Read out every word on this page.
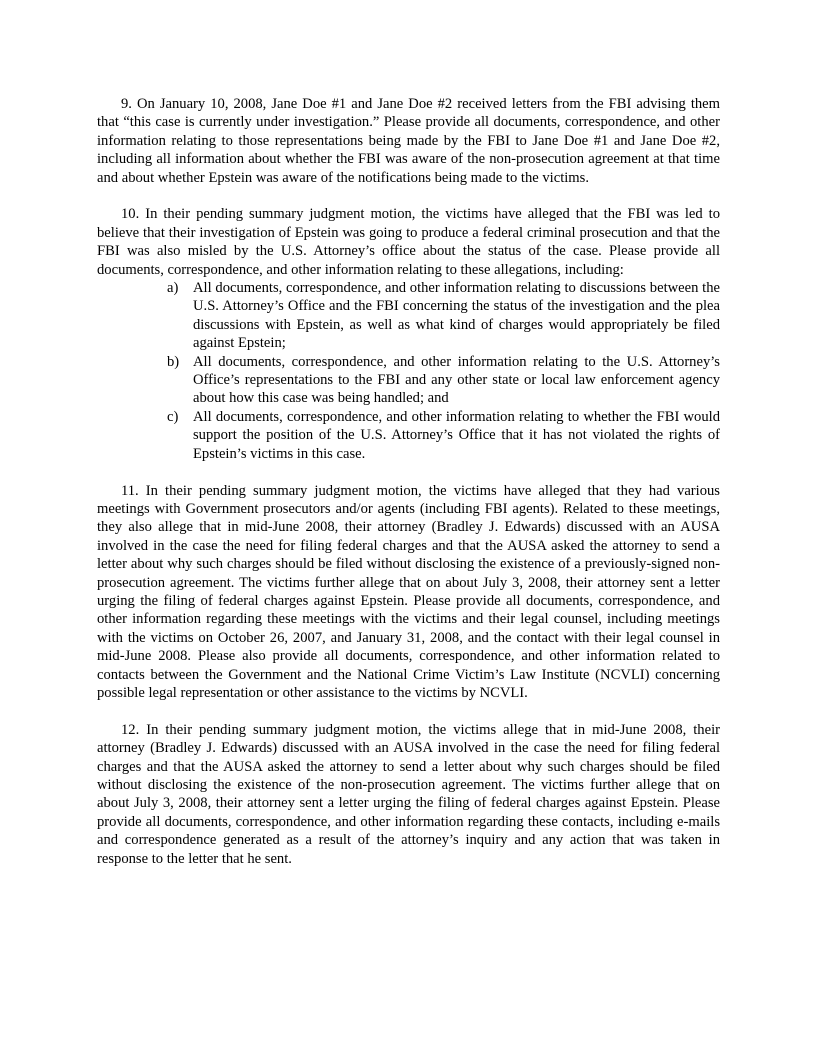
9. On January 10, 2008, Jane Doe #1 and Jane Doe #2 received letters from the FBI advising them that “this case is currently under investigation.” Please provide all documents, correspondence, and other information relating to those representations being made by the FBI to Jane Doe #1 and Jane Doe #2, including all information about whether the FBI was aware of the non-prosecution agreement at that time and about whether Epstein was aware of the notifications being made to the victims.

10. In their pending summary judgment motion, the victims have alleged that the FBI was led to believe that their investigation of Epstein was going to produce a federal criminal prosecution and that the FBI was also misled by the U.S. Attorney’s office about the status of the case. Please provide all documents, correspondence, and other information relating to these allegations, including:

a) All documents, correspondence, and other information relating to discussions between the U.S. Attorney’s Office and the FBI concerning the status of the investigation and the plea discussions with Epstein, as well as what kind of charges would appropriately be filed against Epstein;
b) All documents, correspondence, and other information relating to the U.S. Attorney’s Office’s representations to the FBI and any other state or local law enforcement agency about how this case was being handled; and
c) All documents, correspondence, and other information relating to whether the FBI would support the position of the U.S. Attorney’s Office that it has not violated the rights of Epstein’s victims in this case.

11. In their pending summary judgment motion, the victims have alleged that they had various meetings with Government prosecutors and/or agents (including FBI agents). Related to these meetings, they also allege that in mid-June 2008, their attorney (Bradley J. Edwards) discussed with an AUSA involved in the case the need for filing federal charges and that the AUSA asked the attorney to send a letter about why such charges should be filed without disclosing the existence of a previously-signed non-prosecution agreement. The victims further allege that on about July 3, 2008, their attorney sent a letter urging the filing of federal charges against Epstein. Please provide all documents, correspondence, and other information regarding these meetings with the victims and their legal counsel, including meetings with the victims on October 26, 2007, and January 31, 2008, and the contact with their legal counsel in mid-June 2008. Please also provide all documents, correspondence, and other information related to contacts between the Government and the National Crime Victim’s Law Institute (NCVLI) concerning possible legal representation or other assistance to the victims by NCVLI.

12. In their pending summary judgment motion, the victims allege that in mid-June 2008, their attorney (Bradley J. Edwards) discussed with an AUSA involved in the case the need for filing federal charges and that the AUSA asked the attorney to send a letter about why such charges should be filed without disclosing the existence of the non-prosecution agreement. The victims further allege that on about July 3, 2008, their attorney sent a letter urging the filing of federal charges against Epstein. Please provide all documents, correspondence, and other information regarding these contacts, including e-mails and correspondence generated as a result of the attorney’s inquiry and any action that was taken in response to the letter that he sent.
